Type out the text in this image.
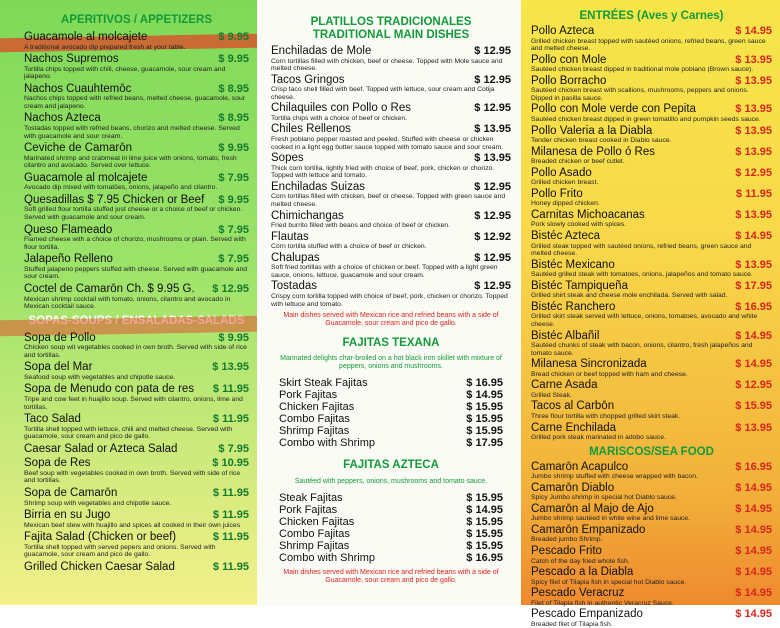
APERITIVOS / APPETIZERS
Guacamole al molcajete	$ 9.95
A traditional avocado dip prepared fresh at your table.
Nachos Supremos	$ 9.95
Tortilla chips topped with chili, cheese, guacamole, sour cream and jalapeno.
Nachos Cuauhtemōc	$ 8.95
Nachos chips topped with refried beans, melted cheese, guacamole, sour cream and jalapeno.
Nachos Azteca	$ 8.95
Tostadas topped with refried beans, chorizo and melted cheese. Served with guacamole and sour cream.
Ceviche de Camarōn	$ 9.95
Marinated shrimp and crabmeat in lime juice with onions, tomato, fresh cilantro and avocado. Served over lettuce.
Guacamole al molcajete	$ 7.95
Avocado dip mixed with tomatōes, onions, jalapeño and cilantro.
Quesadillas $ 7.95 Chicken or Beef $ 9.95
Soft grilled flour tortilla stuffed just cheese or a choice of beef or chicken. Served with guacamole and sour cream.
Queso Flameado	$ 7.95
Flamed cheese with a choice of chorizo, mushrooms or plain. Served with flour tortilla.
Jalapeño Relleno	$ 7.95
Stuffed jalapeno peppers stuffed with cheese. Served with guacamole and sour cream.
Coctel de Camarōn Ch. $ 9.95 G. $ 12.95
Mexican shrimp cocktail with tomato, onions, cilantro and avocado in Mexican cocktail sauce.
SOPAS-SOUPS / ENSALADAS-SALADS
Sopa de Pollo	$ 9.95
Chicken soup wit vegetables cooked in own broth. Served with side of rice and tortillas.
Sopa del Mar	$ 13.95
Seafood soup with vegetables and chipotle sauce.
Sopa de Menudo con pata de res $ 11.95
Tripe and cow feet in huajillo soup. Served with cilantro, onions, lime and tortillas.
Taco Salad	$ 11.95
Tortilla shell topped with lettuce, chili and melted cheese. Served with guacamole, sour cream and pico de gallo.
Caesar Salad or Azteca Salad	$ 7.95
Sopa de Res	$ 10.95
Beef soup with vegetables cooked in own broth. Served with side of rice and tortillas.
Sopa de Camarōn	$ 11.95
Shrimp soup with vegetables and chipotle sauce.
Birria en su Jugo	$ 11.95
Mexican beef stew with huajillo and spices all cooked in their own juices
Fajita Salad (Chicken or beef)	$ 11.95
Tortilla shell topped with served pepers and onions. Served with guacamole, sour cream and pico de gallo.
Grilled Chicken Caesar Salad	$ 11.95
PLATILLOS TRADICIONALES
TRADITIONAL MAIN DISHES
Enchiladas de Mole	$ 12.95
Corn tortillas filled with chicken, beef or cheese. Topped with Mole sauce and melted cheese.
Tacos Gringos	$ 12.95
Crisp taco shell filled with beef. Topped with lettuce, sour cream and Cotija cheese.
Chilaquiles con Pollo o Res	$ 12.95
Tortilla chips with a choice of beef or chicken.
Chiles Rellenos	$ 13.95
Fresh poblano pepper roasted and peeled. Stuffed with cheese or chicken cooked in a light egg butter sauce topped with tomato sauce and sour cream.
Sopes	$ 13.95
Thick corn tortilla, lightly fried with choice of beef, pork, chicken or chorizo. Topped with lettuce and tomato.
Enchiladas Suizas	$ 12.95
Corn tortillas filled with chicken, beef or cheese. Topped with green sauce and melted cheese.
Chimichangas	$ 12.95
Fried burrito filled with beans and choice of beef or chicken.
Flautas	$ 12.92
Corn tortilla stuffed with a choice of beef or chicken.
Chalupas	$ 12.95
Soft fried tortillas with a choice of chicken or beef. Topped with a light green sauce, onions, lettuce, guacamole and sour cream.
Tostadas	$ 12.95
Crispy corn tortilla topped with choice of beef, pork, chicken or chorizo. Topped with lettuce and tomato.
Main dishes served with Mexican rice and refried beans with a side of Guacamole, sour cream and pico de gallo.
FAJITAS TEXANA
Marinated delights char-broiled on a hot black iron skillet with mixture of peppers, onions and mushrooms.
Skirt Steak Fajitas	$ 16.95
Pork Fajitas	$ 14.95
Chicken Fajitas	$ 15.95
Combo Fajitas	$ 15.95
Shrimp Fajitas	$ 15.95
Combo with Shrimp	$ 17.95
FAJITAS AZTECA
Sautéed with peppers, onions, mushrooms and tomato sauce.
Steak Fajitas	$ 15.95
Pork Fajitas	$ 14.95
Chicken Fajitas	$ 15.95
Combo Fajitas	$ 15.95
Shrimp Fajitas	$ 15.95
Combo with Shrimp	$ 16.95
Main dishes served with Mexican rice and refried beans with a side of Guacamole, sour cream and pico de gallo.
ENTRÉES (Aves y Carnes)
Pollo Azteca	$ 14.95
Grilled chicken breast topped with sautéed onions, refried beans, green sauce and melted cheese.
Pollo con Mole	$ 13.95
Sautéed chicken breast dipped in traditional mole poblano (Brown sauce).
Pollo Borracho	$ 13.95
Sautéed chicken breast with scallions, mushrooms, peppers and onions. Dipped in pasilla sauce.
Pollo con Mole verde con Pepita	$ 13.95
Sautéed chicken breast dipped in green tomatillo and pumpkin seeds sauce.
Pollo Valeria a la Diabla	$ 13.95
Tender chicken breast cooked in Diablo sauce.
Milanesa de Pollo ó Res	$ 13.95
Breaded chicken or beef cutlet.
Pollo Asado	$ 12.95
Grilled chicken breast.
Pollo Frito	$ 11.95
Honey dipped chicken.
Carnitas Michoacanas	$ 13.95
Pork slowly cooked with spices.
Bistéc Azteca	$ 14.95
Grilled steak topped with sautéed onions, refried beans, green sauce and melted cheese.
Bistéc Mexicano	$ 13.95
Sautéed grilled steak with tomatoes, onions, jalapeños and tomato sauce.
Bistéc Tampiqueña	$ 17.95
Grilled shirt steak and cheese mole enchilada. Served with salad.
Bistéc Ranchero	$ 16.95
Grilled skirt steak served with lettuce, onions, tomatoes, avocado and white cheese.
Bistéc Albañil	$ 14.95
Sautéed chunks of steak with bacon, onions, cilantro, fresh jalapeños and tomato sauce.
Milanesa Sincronizada	$ 14.95
Bread chicken or beef topped with ham and cheese.
Carne Asada	$ 12.95
Grilled Steak.
Tacos al Carbōn	$ 15.95
Three flour tortilla with chopped grilled skirt steak.
Carne Enchilada	$ 13.95
Grilled pork steak marinated in adobo sauce.
MARISCOS/SEA FOOD
Camarōn Acapulco	$ 16.95
Jumbo shrimp stuffed with cheese wrapped with bacon.
Camarōn Diablo	$ 14.95
Spicy Jumbo shrimp in special hot Diablo sauce.
Camarōn al Majo de Ajo	$ 14.95
Jumbo shrimp sautéed in white wine and lime sauce.
Camarōn Empanizado	$ 14.95
Breaded jumbo Shrimp.
Pescado Frito	$ 14.95
Catch of the day fried whole fish.
Pescado a la Diabla	$ 14.95
Spicy filet of Tilapia fish in special hot Diablo sauce.
Pescado Veracruz	$ 14.95
Filet of Tilapia fish in authentic Veracruz Sauce.
Pescado Empanizado	$ 14.95
Breaded filet of Tilapia fish.
